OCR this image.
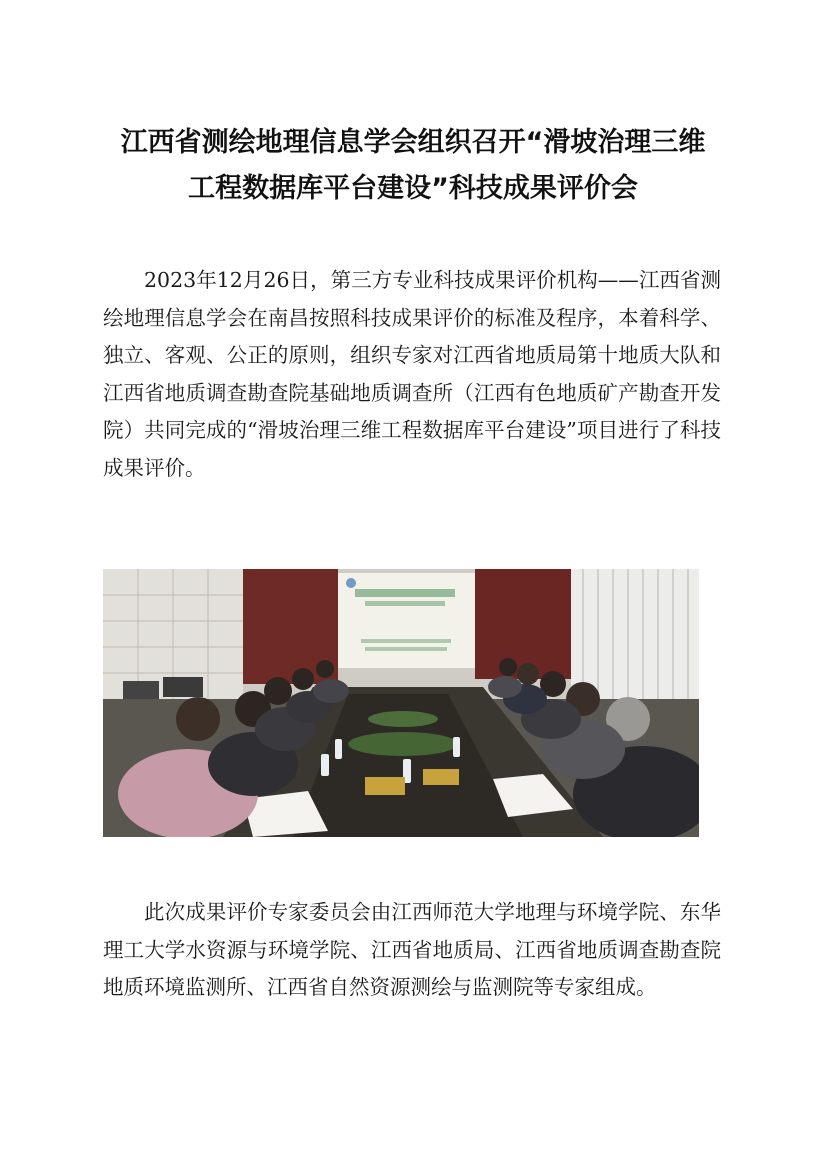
江西省测绘地理信息学会组织召开“滑坡治理三维
工程数据库平台建设”科技成果评价会

2023年12月26日，第三方专业科技成果评价机构——江西省测绘地理信息学会在南昌按照科技成果评价的标准及程序，本着科学、独立、客观、公正的原则，组织专家对江西省地质局第十地质大队和江西省地质调查勘查院基础地质调查所（江西有色地质矿产勘查开发院）共同完成的“滑坡治理三维工程数据库平台建设”项目进行了科技成果评价。

此次成果评价专家委员会由江西师范大学地理与环境学院、东华理工大学水资源与环境学院、江西省地质局、江西省地质调查勘查院地质环境监测所、江西省自然资源测绘与监测院等专家组成。
